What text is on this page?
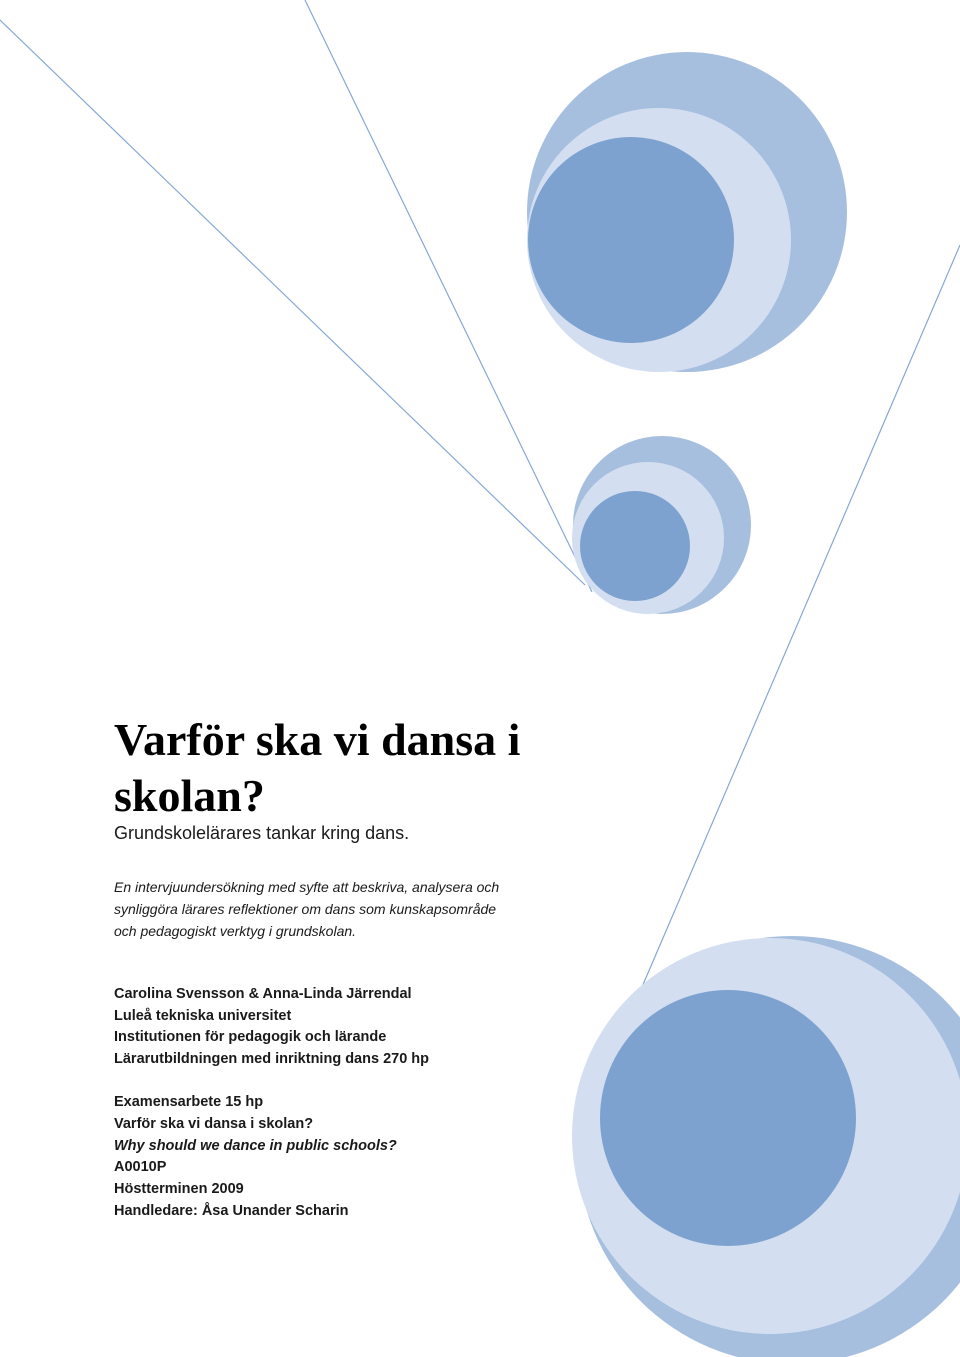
Varför ska vi dansa i
skolan?

Grundskolelärares tankar kring dans.

En intervjuundersökning med syfte att beskriva, analysera och
synliggöra lärares reflektioner om dans som kunskapsområde
och pedagogiskt verktyg i grundskolan.

Carolina Svensson & Anna-Linda Järrendal
Luleå tekniska universitet
Institutionen för pedagogik och lärande
Lärarutbildningen med inriktning dans 270 hp

Examensarbete 15 hp
Varför ska vi dansa i skolan?
Why should we dance in public schools?
A0010P
Höstterminen 2009
Handledare: Åsa Unander Scharin
